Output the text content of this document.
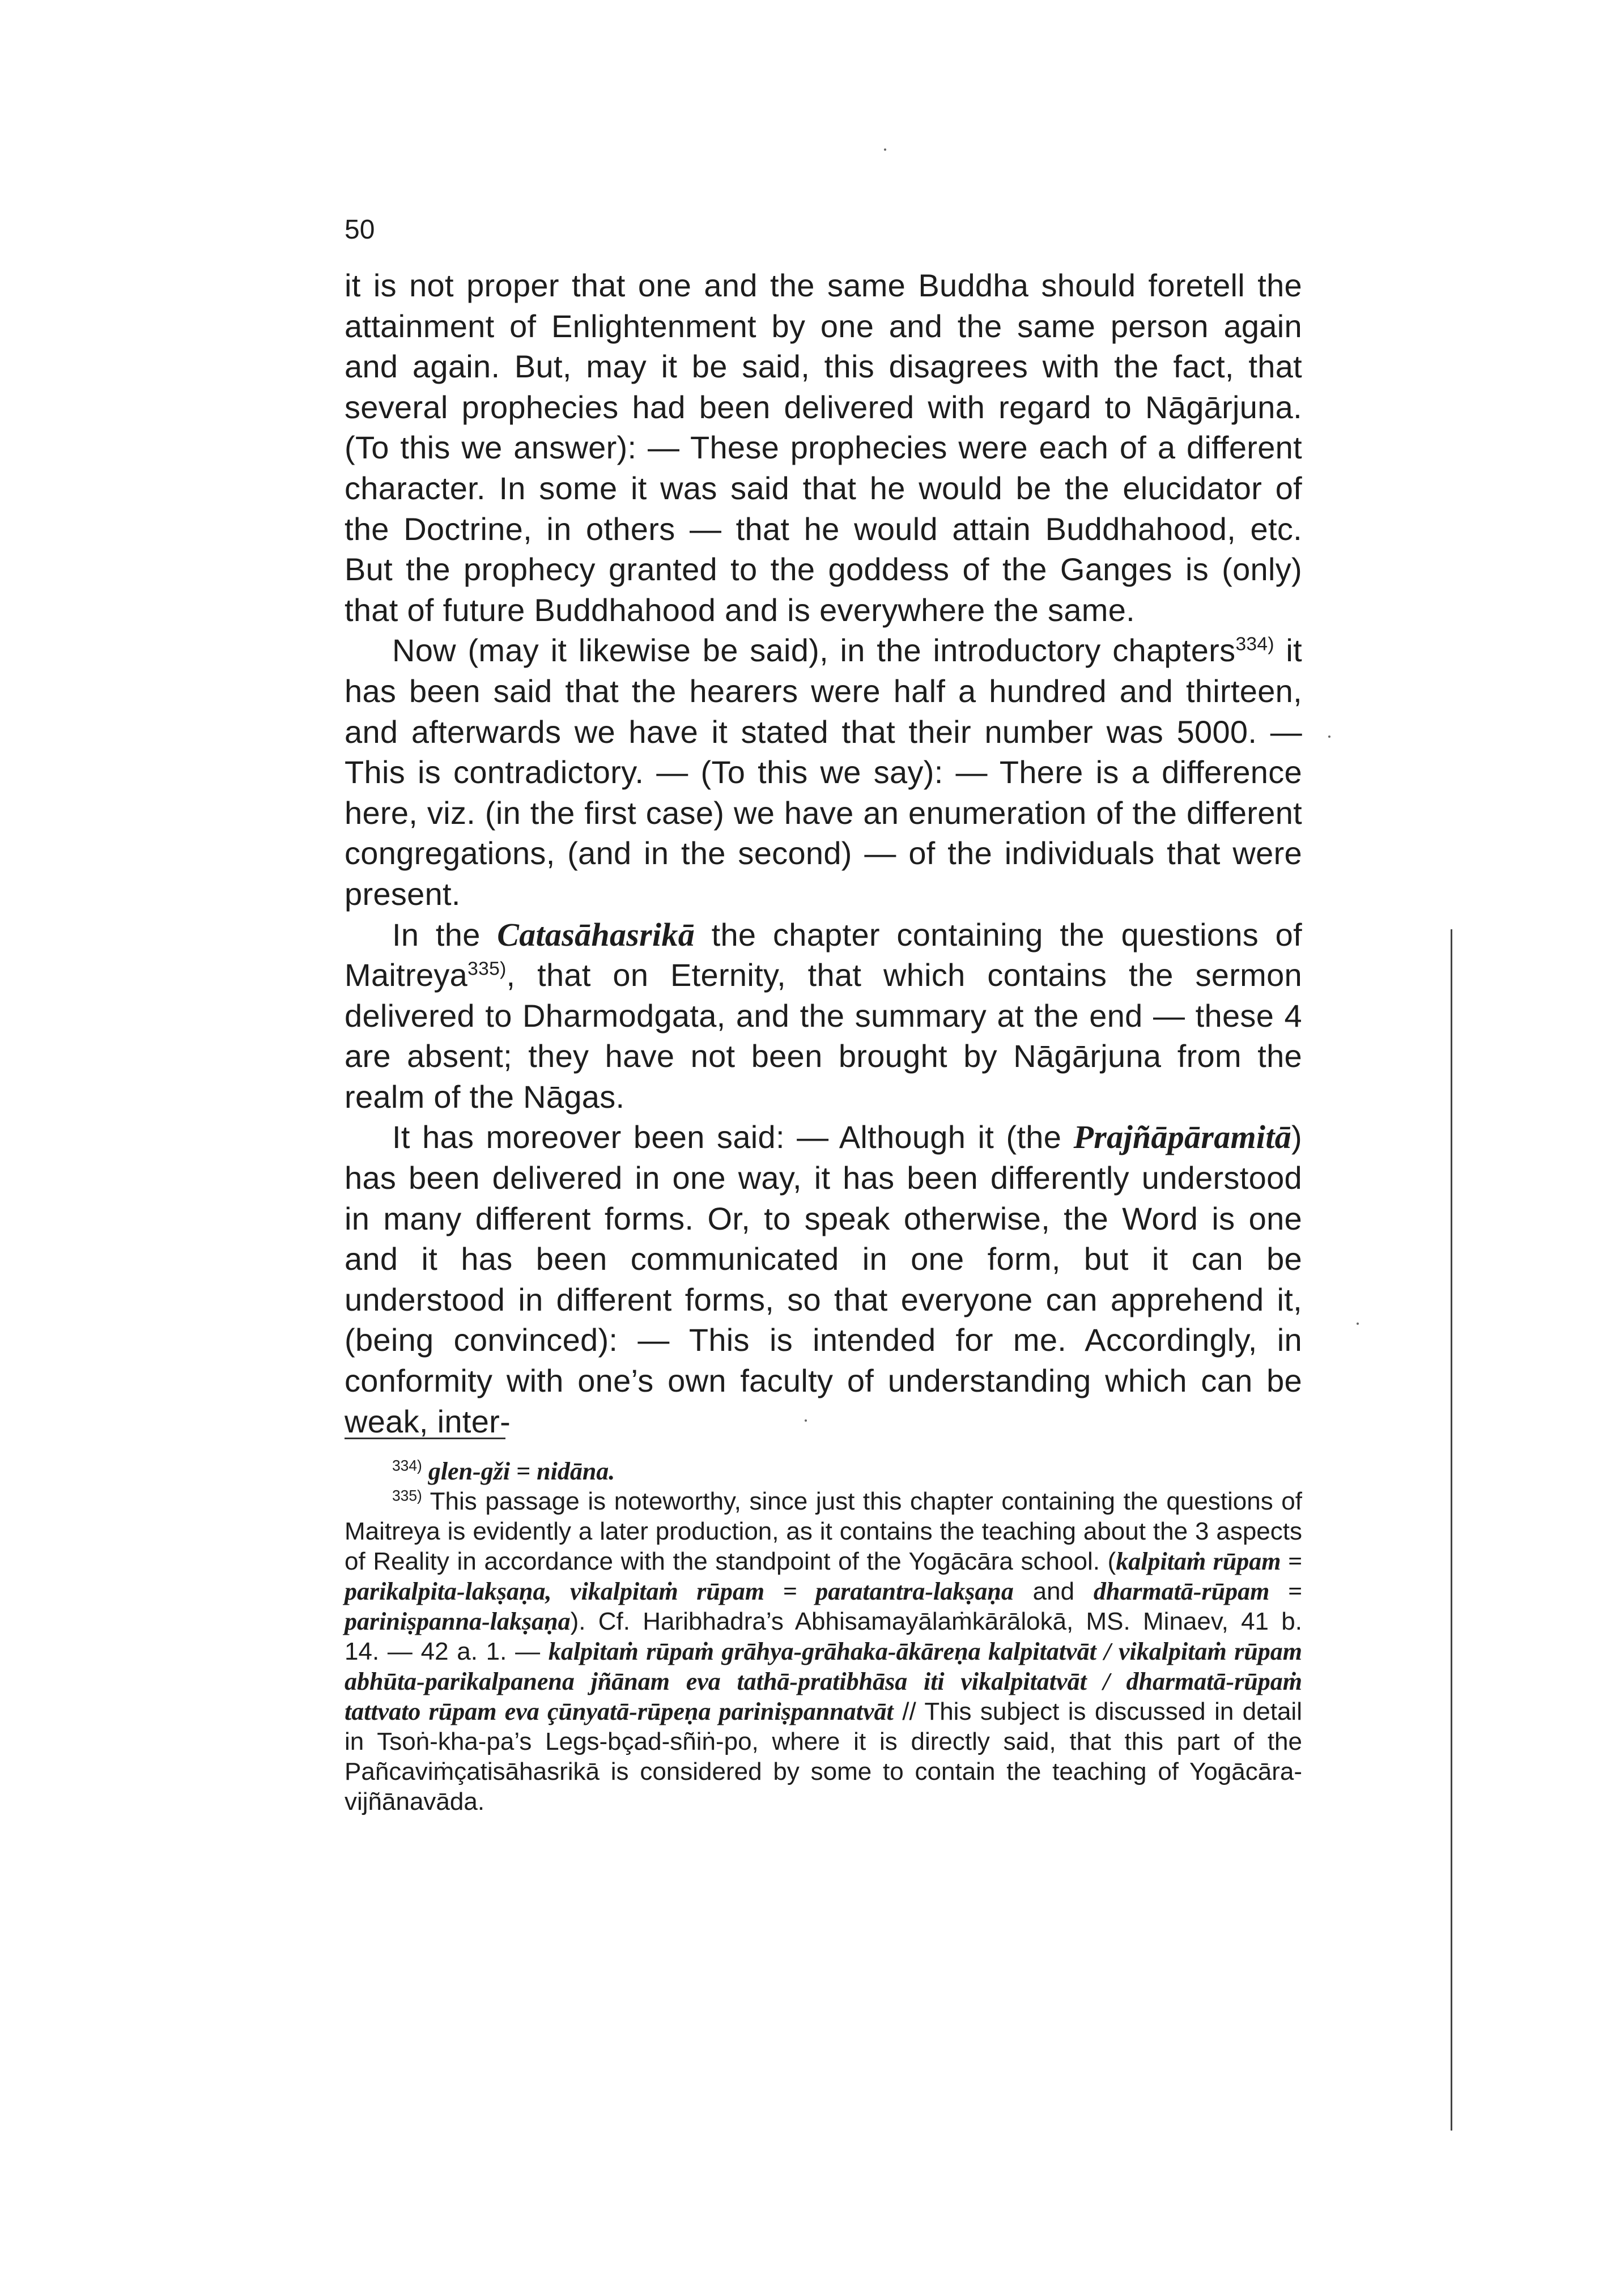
50

it is not proper that one and the same Buddha should foretell the attainment of Enlightenment by one and the same person again and again. But, may it be said, this disagrees with the fact, that several prophecies had been delivered with regard to Nāgārjuna. (To this we answer): — These prophecies were each of a different character. In some it was said that he would be the elucidator of the Doctrine, in others — that he would attain Buddhahood, etc. But the prophecy granted to the goddess of the Ganges is (only) that of future Buddhahood and is everywhere the same.

Now (may it likewise be said), in the introductory chapters$^{334)}$ it has been said that the hearers were half a hundred and thirteen, and afterwards we have it stated that their number was 5000. — This is contradictory. — (To this we say): — There is a difference here, viz. (in the first case) we have an enumeration of the different congregations, (and in the second) — of the individuals that were present.

In the Catasāhasrikā the chapter containing the questions of Maitreya$^{335)}$, that on Eternity, that which contains the sermon delivered to Dharmodgata, and the summary at the end — these 4 are absent; they have not been brought by Nāgārjuna from the realm of the Nāgas.

It has moreover been said: — Although it (the Prajñāpāramitā) has been delivered in one way, it has been differently understood in many different forms. Or, to speak otherwise, the Word is one and it has been communicated in one form, but it can be understood in different forms, so that everyone can apprehend it, (being convinced): — This is intended for me. Accordingly, in conformity with one’s own faculty of understanding which can be weak, inter-

$^{334)}$ glen-gži = nidāna.

$^{335)}$ This passage is noteworthy, since just this chapter containing the questions of Maitreya is evidently a later production, as it contains the teaching about the 3 aspects of Reality in accordance with the standpoint of the Yogācāra school. (kalpitaṁ rūpam = parikalpita-lakṣaṇa, vikalpitaṁ rūpam = paratantra-lakṣaṇa and dharmatā-rūpam = pariniṣpanna-lakṣaṇa). Cf. Haribhadra’s Abhisamayālaṁkārālokā, MS. Minaev, 41 b. 14. — 42 a. 1. — kalpitaṁ rūpaṁ grāhya-grāhaka-ākāreṇa kalpitatvāt / vikalpitaṁ rūpam abhūta-parikalpanena jñānam eva tathā-pratibhāsa iti vikalpitatvāt / dharmatā-rūpaṁ tattvato rūpam eva çūnyatā-rūpeṇa pariniṣpannatvāt // This subject is discussed in detail in Tsoṅ-kha-pa’s Legs-bçad-sñiṅ-po, where it is directly said, that this part of the Pañcaviṁçatisāhasrikā is considered by some to contain the teaching of Yogācāra-vijñānavāda.
